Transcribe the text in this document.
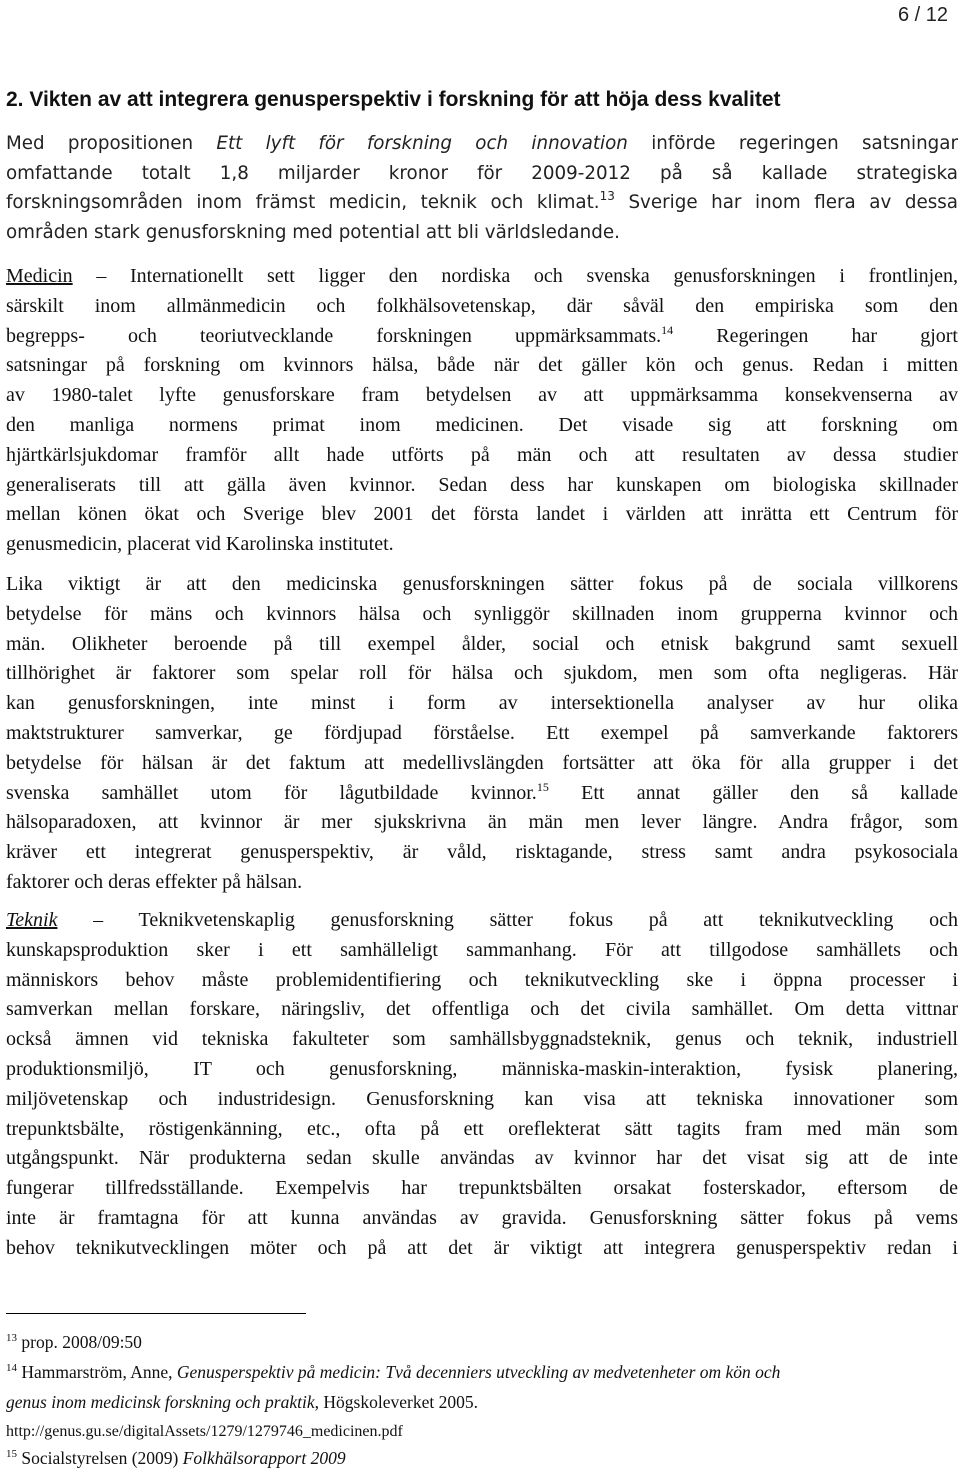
6 / 12
2. Vikten av att integrera genusperspektiv i forskning för att höja dess kvalitet
Med propositionen Ett lyft för forskning och innovation införde regeringen satsningar
omfattande totalt 1,8 miljarder kronor för 2009-2012 på så kallade strategiska
forskningsområden inom främst medicin, teknik och klimat.$^{13}$ Sverige har inom flera av dessa
områden stark genusforskning med potential att bli världsledande.
Medicin – Internationellt sett ligger den nordiska och svenska genusforskningen i frontlinjen,
särskilt inom allmänmedicin och folkhälsovetenskap, där såväl den empiriska som den
begrepps- och teoriutvecklande forskningen uppmärksammats.$^{14}$ Regeringen har gjort
satsningar på forskning om kvinnors hälsa, både när det gäller kön och genus. Redan i mitten
av 1980-talet lyfte genusforskare fram betydelsen av att uppmärksamma konsekvenserna av
den manliga normens primat inom medicinen. Det visade sig att forskning om
hjärtkärlsjukdomar framför allt hade utförts på män och att resultaten av dessa studier
generaliserats till att gälla även kvinnor. Sedan dess har kunskapen om biologiska skillnader
mellan könen ökat och Sverige blev 2001 det första landet i världen att inrätta ett Centrum för
genusmedicin, placerat vid Karolinska institutet.
Lika viktigt är att den medicinska genusforskningen sätter fokus på de sociala villkorens
betydelse för mäns och kvinnors hälsa och synliggör skillnaden inom grupperna kvinnor och
män. Olikheter beroende på till exempel ålder, social och etnisk bakgrund samt sexuell
tillhörighet är faktorer som spelar roll för hälsa och sjukdom, men som ofta negligeras. Här
kan genusforskningen, inte minst i form av intersektionella analyser av hur olika
maktstrukturer samverkar, ge fördjupad förståelse. Ett exempel på samverkande faktorers
betydelse för hälsan är det faktum att medellivslängden fortsätter att öka för alla grupper i det
svenska samhället utom för lågutbildade kvinnor.$^{15}$ Ett annat gäller den så kallade
hälsoparadoxen, att kvinnor är mer sjukskrivna än män men lever längre. Andra frågor, som
kräver ett integrerat genusperspektiv, är våld, risktagande, stress samt andra psykosociala
faktorer och deras effekter på hälsan.
Teknik – Teknikvetenskaplig genusforskning sätter fokus på att teknikutveckling och
kunskapsproduktion sker i ett samhälleligt sammanhang. För att tillgodose samhällets och
människors behov måste problemidentifiering och teknikutveckling ske i öppna processer i
samverkan mellan forskare, näringsliv, det offentliga och det civila samhället. Om detta vittnar
också ämnen vid tekniska fakulteter som samhällsbyggnadsteknik, genus och teknik, industriell
produktionsmiljö, IT och genusforskning, människa-maskin-interaktion, fysisk planering,
miljövetenskap och industridesign. Genusforskning kan visa att tekniska innovationer som
trepunktsbälte, röstigenkänning, etc., ofta på ett oreflekterat sätt tagits fram med män som
utgångspunkt. När produkterna sedan skulle användas av kvinnor har det visat sig att de inte
fungerar tillfredsställande. Exempelvis har trepunktsbälten orsakat fosterskador, eftersom de
inte är framtagna för att kunna användas av gravida. Genusforskning sätter fokus på vems
behov teknikutvecklingen möter och på att det är viktigt att integrera genusperspektiv redan i

$^{13}$ prop. 2008/09:50

$^{14}$ Hammarström, Anne, Genusperspektiv på medicin: Två decenniers utveckling av medvetenheter om kön och

genus inom medicinsk forskning och praktik, Högskoleverket 2005.

http://genus.gu.se/digitalAssets/1279/1279746_medicinen.pdf

$^{15}$ Socialstyrelsen (2009) Folkhälsorapport 2009
